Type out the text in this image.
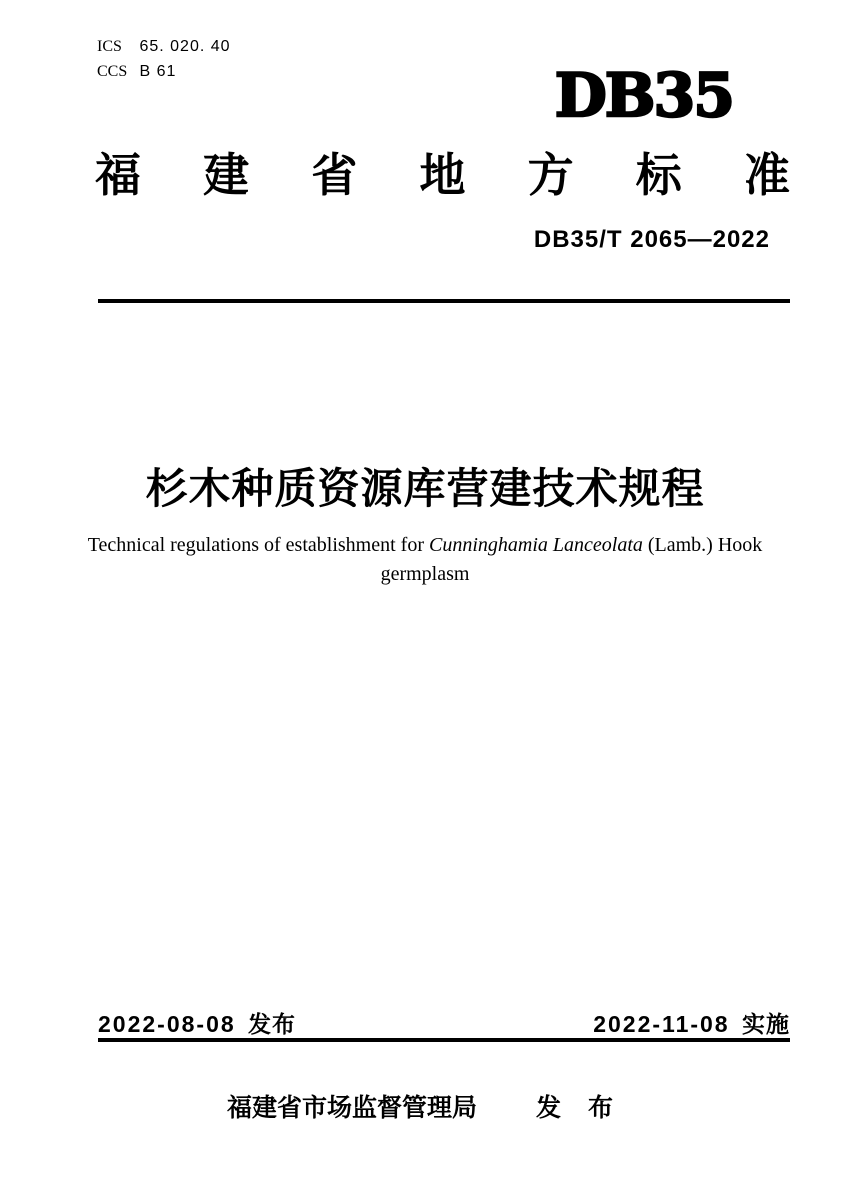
ICS 65. 020. 40
CCS B 61	DB35
福 建 省 地 方 标 准
DB35/T 2065—2022
杉木种质资源库营建技术规程
Technical regulations of establishment for Cunninghamia Lanceolata (Lamb.) Hook
germplasm
2022-08-08 发布	2022-11-08 实施
福建省市场监督管理局 发 布
